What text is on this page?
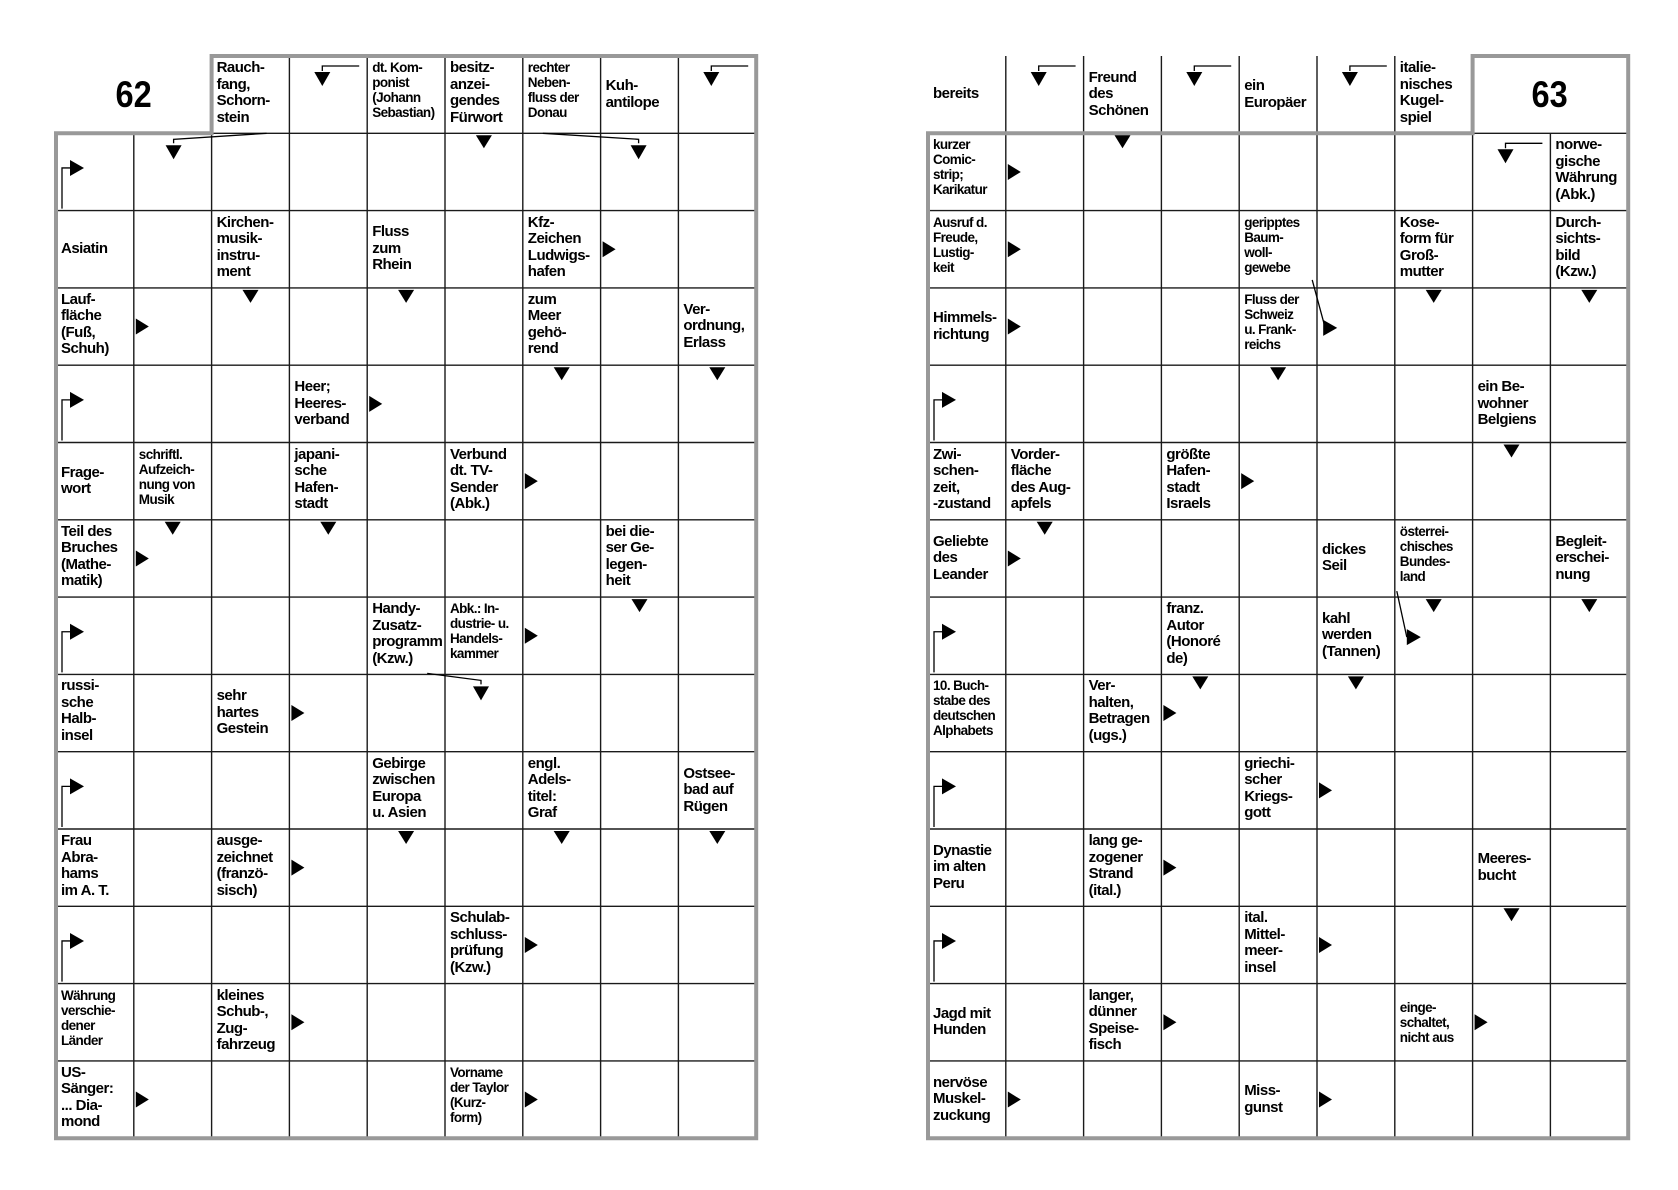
62
Rauch-
fang,
Schorn-
stein
dt. Kom-
ponist
(Johann
Sebastian)
besitz-
anzei-
gendes
Fürwort
rechter
Neben-
fluss der
Donau
Kuh-
antilope
Asiatin
Kirchen-
musik-
instru-
ment
Fluss
zum
Rhein
Kfz-
Zeichen
Ludwigs-
hafen
Lauf-
fläche
(Fuß,
Schuh)
zum
Meer
gehö-
rend
Ver-
ordnung,
Erlass
Heer;
Heeres-
verband
Frage-
wort
schriftl.
Aufzeich-
nung von
Musik
japani-
sche
Hafen-
stadt
Verbund
dt. TV-
Sender
(Abk.)
Teil des
Bruches
(Mathe-
matik)
bei die-
ser Ge-
legen-
heit
Handy-
Zusatz-
programm
(Kzw.)
Abk.: In-
dustrie- u.
Handels-
kammer
russi-
sche
Halb-
insel
sehr
hartes
Gestein
Gebirge
zwischen
Europa
u. Asien
engl.
Adels-
titel:
Graf
Ostsee-
bad auf
Rügen
Frau
Abra-
hams
im A. T.
ausge-
zeichnet
(franzö-
sisch)
Schulab-
schluss-
prüfung
(Kzw.)
Währung
verschie-
dener
Länder
kleines
Schub-,
Zug-
fahrzeug
US-
Sänger:
... Dia-
mond
Vorname
der Taylor
(Kurz-
form)
63
bereits
Freund
des
Schönen
ein
Europäer
italie-
nisches
Kugel-
spiel
kurzer
Comic-
strip;
Karikatur
norwe-
gische
Währung
(Abk.)
Ausruf d.
Freude,
Lustig-
keit
geripptes
Baum-
woll-
gewebe
Kose-
form für
Groß-
mutter
Durch-
sichts-
bild
(Kzw.)
Himmels-
richtung
Fluss der
Schweiz
u. Frank-
reichs
ein Be-
wohner
Belgiens
Zwi-
schen-
zeit,
-zustand
Vorder-
fläche
des Aug-
apfels
größte
Hafen-
stadt
Israels
Geliebte
des
Leander
dickes
Seil
österrei-
chisches
Bundes-
land
Begleit-
erschei-
nung
franz.
Autor
(Honoré
de)
kahl
werden
(Tannen)
10. Buch-
stabe des
deutschen
Alphabets
Ver-
halten,
Betragen
(ugs.)
griechi-
scher
Kriegs-
gott
Dynastie
im alten
Peru
lang ge-
zogener
Strand
(ital.)
Meeres-
bucht
ital.
Mittel-
meer-
insel
Jagd mit
Hunden
langer,
dünner
Speise-
fisch
einge-
schaltet,
nicht aus
nervöse
Muskel-
zuckung
Miss-
gunst
